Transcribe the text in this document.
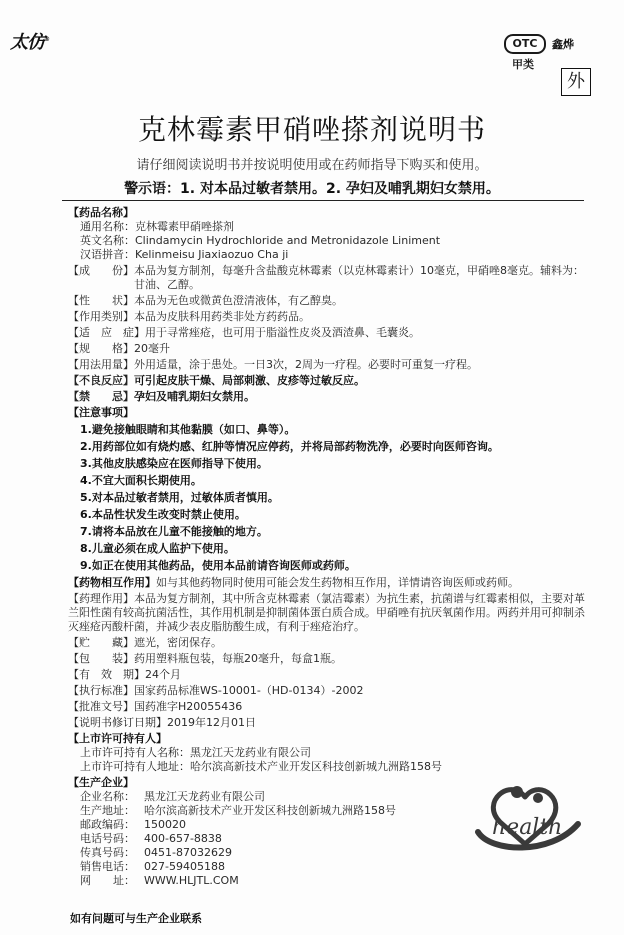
太仿®	OTC	鑫烨
甲类
外
克林霉素甲硝唑搽剂说明书
请仔细阅读说明书并按说明使用或在药师指导下购买和使用。
警示语：1. 对本品过敏者禁用。2. 孕妇及哺乳期妇女禁用。
【药品名称】
通用名称： 克林霉素甲硝唑搽剂
英文名称： Clindamycin Hydrochloride and Metronidazole Liniment
汉语拼音： Kelinmeisu Jiaxiaozuo Cha ji
【成　　份】 本品为复方制剂，每毫升含盐酸克林霉素（以克林霉素计）10毫克，甲硝唑8毫克。辅料为：甘油、乙醇。
【性　　状】 本品为无色或微黄色澄清液体，有乙醇臭。
【作用类别】 本品为皮肤科用药类非处方药药品。
【适　应　症】 用于寻常痤疮，也可用于脂溢性皮炎及酒渣鼻、毛囊炎。
【规　　格】 20毫升
【用法用量】 外用适量，涂于患处。一日3次，2周为一疗程。必要时可重复一疗程。
【不良反应】 可引起皮肤干燥、局部刺激、皮疹等过敏反应。
【禁　　忌】 孕妇及哺乳期妇女禁用。
【注意事项】
1.避免接触眼睛和其他黏膜（如口、鼻等）。
2.用药部位如有烧灼感、红肿等情况应停药，并将局部药物洗净，必要时向医师咨询。
3.其他皮肤感染应在医师指导下使用。
4.不宜大面积长期使用。
5.对本品过敏者禁用，过敏体质者慎用。
6.本品性状发生改变时禁止使用。
7.请将本品放在儿童不能接触的地方。
8.儿童必须在成人监护下使用。
9.如正在使用其他药品，使用本品前请咨询医师或药师。
【药物相互作用】如与其他药物同时使用可能会发生药物相互作用，详情请咨询医师或药师。
【药理作用】本品为复方制剂，其中所含克林霉素（氯洁霉素）为抗生素，抗菌谱与红霉素相似，主要对革兰阳性菌有较高抗菌活性，其作用机制是抑制菌体蛋白质合成。甲硝唑有抗厌氧菌作用。两药并用可抑制杀灭痤疮丙酸杆菌，并减少表皮脂肪酸生成，有利于痤疮治疗。
【贮　　藏】 遮光，密闭保存。
【包　　装】 药用塑料瓶包装，每瓶20毫升，每盒1瓶。
【有　效　期】 24个月
【执行标准】 国家药品标准WS-10001-（HD-0134）-2002
【批准文号】 国药准字H20055436
【说明书修订日期】 2019年12月01日
【上市许可持有人】
上市许可持有人名称： 黑龙江天龙药业有限公司
上市许可持有人地址： 哈尔滨高新技术产业开发区科技创新城九洲路158号
【生产企业】
企业名称： 黑龙江天龙药业有限公司
生产地址： 哈尔滨高新技术产业开发区科技创新城九洲路158号
邮政编码： 150020
电话号码： 400-657-8838
传真号码： 0451-87032629
销售电话： 027-59405188
网　　址： WWW.HLJTL.COM
health
如有问题可与生产企业联系
